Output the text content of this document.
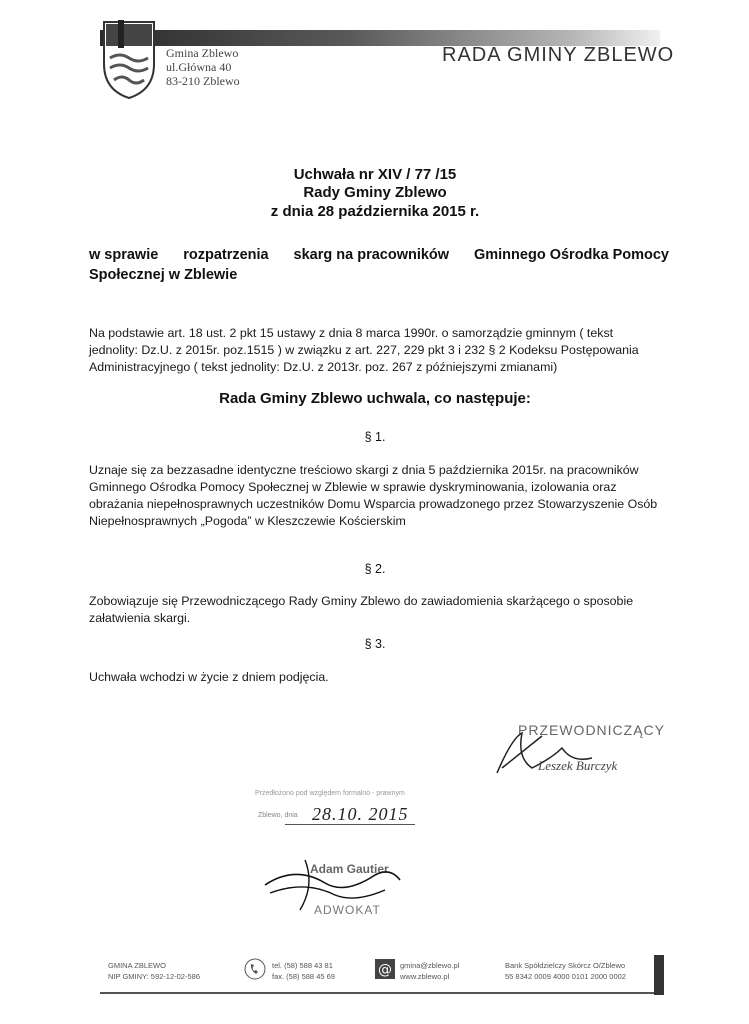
Gmina Zblewo
ul.Główna 40
83-210 Zblewo
RADA GMINY ZBLEWO
Uchwała nr XIV / 77 /15
Rady Gminy Zblewo
z dnia 28 października 2015 r.
w sprawie rozpatrzenia skarg na pracowników Gminnego Ośrodka Pomocy
Społecznej w Zblewie
Na podstawie art. 18 ust. 2 pkt 15 ustawy z dnia 8 marca 1990r. o samorządzie gminnym ( tekst
jednolity: Dz.U. z 2015r. poz.1515 ) w związku z art. 227, 229 pkt 3 i 232 § 2 Kodeksu Postępowania
Administracyjnego ( tekst jednolity: Dz.U. z 2013r. poz. 267 z późniejszymi zmianami)
Rada Gminy Zblewo uchwala, co następuje:
§ 1.
Uznaje się za bezzasadne identyczne treściowo skargi z dnia 5 października 2015r. na pracowników
Gminnego Ośrodka Pomocy Społecznej w Zblewie w sprawie dyskryminowania, izolowania oraz
obrażania niepełnosprawnych uczestników Domu Wsparcia prowadzonego przez Stowarzyszenie Osób
Niepełnosprawnych „Pogoda” w Kleszczewie Kościerskim
§ 2.
Zobowiązuje się Przewodniczącego Rady Gminy Zblewo do zawiadomienia skarżącego o sposobie
załatwienia skargi.
§ 3.
Uchwała wchodzi w życie z dniem podjęcia.
PRZEWODNICZĄCY
Leszek Burczyk
Przedłożono pod względem formalno - prawnym
Zblewo, dnia 28.10. 2015
Adam Gautier
ADWOKAT
GMINA ZBLEWO
NIP GMINY: 592-12-02-586
tel. (58) 588 43 81
fax. (58) 588 45 69	@ gmina@zblewo.pl
www.zblewo.pl
Bank Spółdzielczy Skórcz O/Zblewo
55 8342 0009 4000 0101 2000 0002
